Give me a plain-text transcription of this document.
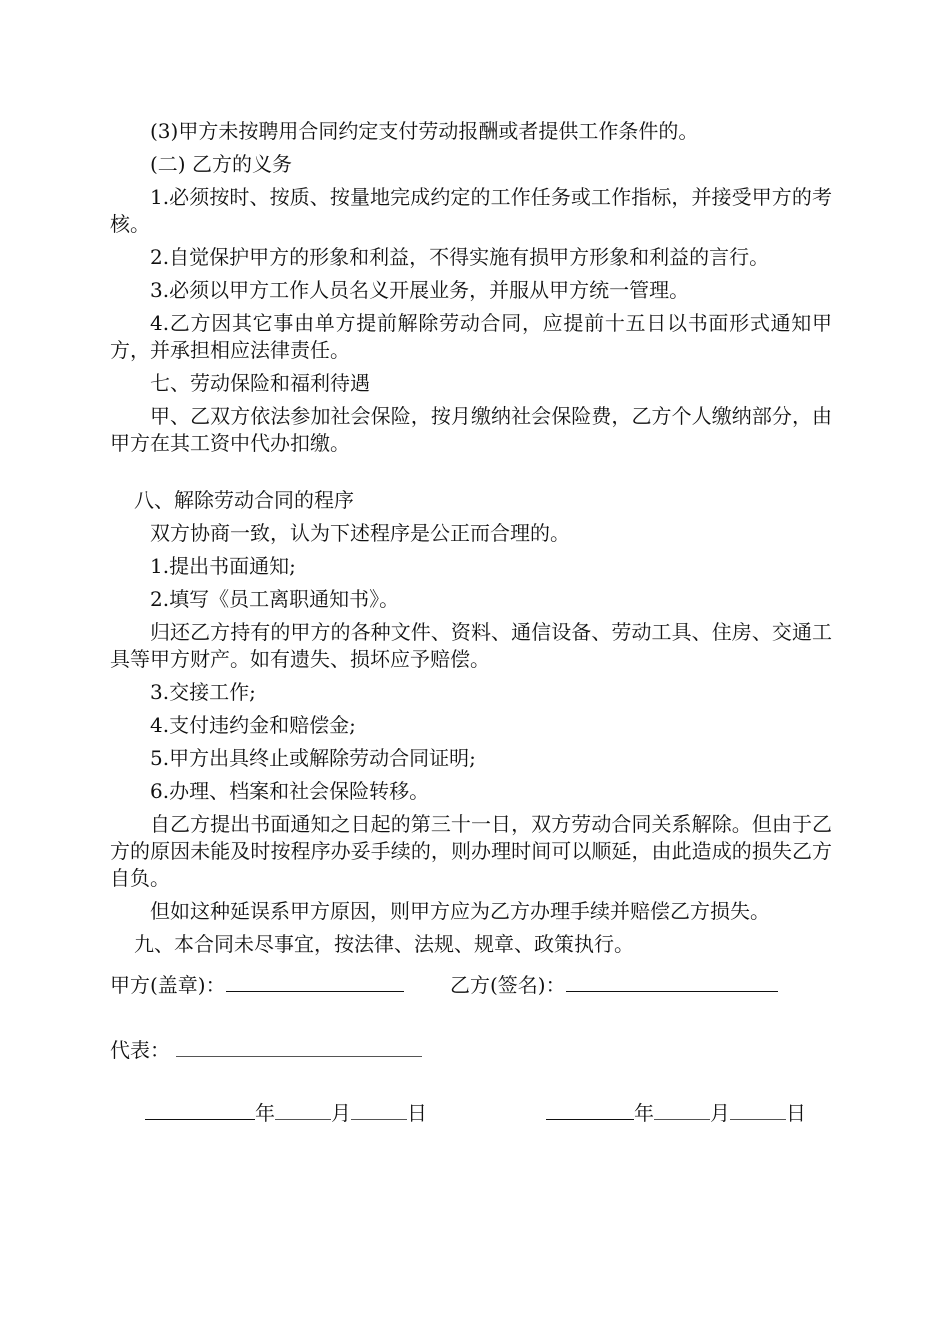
(3)甲方未按聘用合同约定支付劳动报酬或者提供工作条件的。

(二) 乙方的义务

1.必须按时、按质、按量地完成约定的工作任务或工作指标，并接受甲方的考核。

2.自觉保护甲方的形象和利益，不得实施有损甲方形象和利益的言行。

3.必须以甲方工作人员名义开展业务，并服从甲方统一管理。

4.乙方因其它事由单方提前解除劳动合同，应提前十五日以书面形式通知甲方，并承担相应法律责任。

七、劳动保险和福利待遇

甲、乙双方依法参加社会保险，按月缴纳社会保险费，乙方个人缴纳部分，由甲方在其工资中代办扣缴。

八、解除劳动合同的程序

双方协商一致，认为下述程序是公正而合理的。

1.提出书面通知;

2.填写《员工离职通知书》。

归还乙方持有的甲方的各种文件、资料、通信设备、劳动工具、住房、交通工具等甲方财产。如有遗失、损坏应予赔偿。

3.交接工作;

4.支付违约金和赔偿金;

5.甲方出具终止或解除劳动合同证明;

6.办理、档案和社会保险转移。

自乙方提出书面通知之日起的第三十一日，双方劳动合同关系解除。但由于乙方的原因未能及时按程序办妥手续的，则办理时间可以顺延，由此造成的损失乙方自负。

但如这种延误系甲方原因，则甲方应为乙方办理手续并赔偿乙方损失。

九、本合同未尽事宜，按法律、法规、规章、政策执行。

甲方(盖章)：	乙方(签名)：
代表：
年	月	日	年	月	日
